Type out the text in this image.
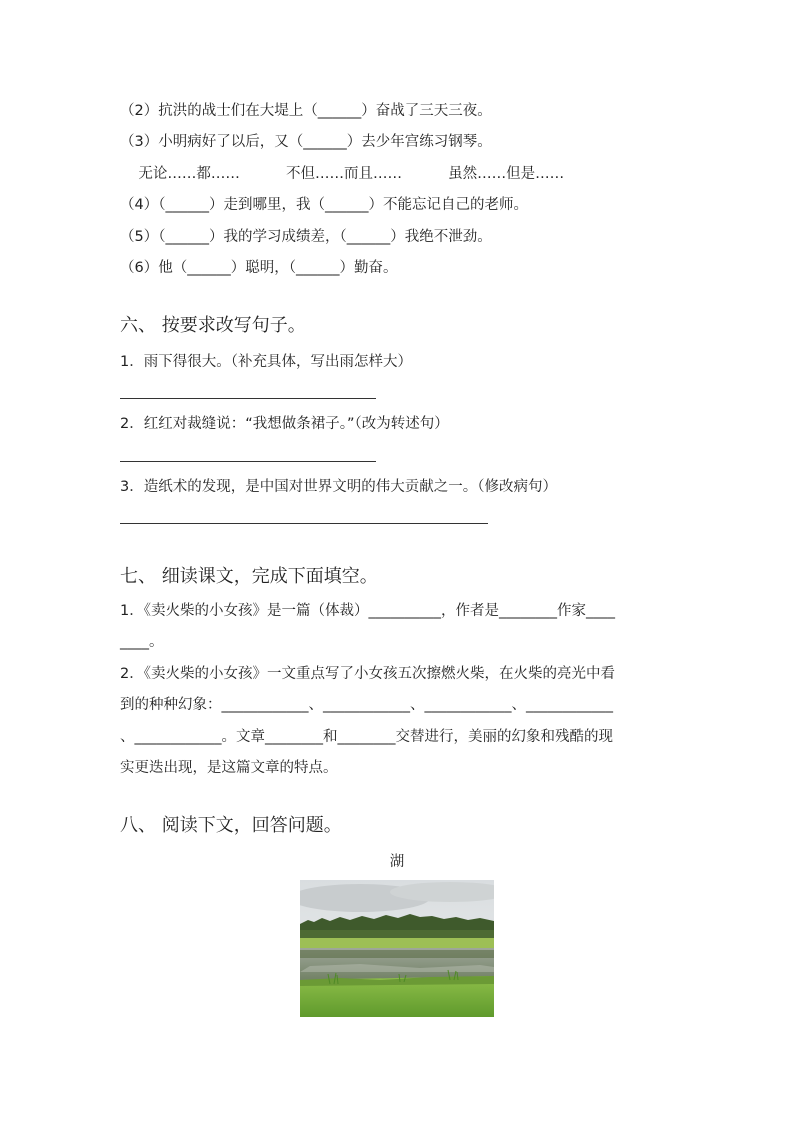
（2）抗洪的战士们在大堤上（______）奋战了三天三夜。
（3）小明病好了以后，又（______）去少年宫练习钢琴。
无论……都……          不但……而且……          虽然……但是……
（4）（______）走到哪里，我（______）不能忘记自己的老师。
（5）（______）我的学习成绩差，（______）我绝不泄劲。
（6）他（______）聪明，（______）勤奋。
六、 按要求改写句子。
1．雨下得很大。（补充具体，写出雨怎样大）
2．红红对裁缝说：“我想做条裙子。”（改为转述句）
3．造纸术的发现，是中国对世界文明的伟大贡献之一。（修改病句）
七、 细读课文，完成下面填空。
1．《卖火柴的小女孩》是一篇（体裁）__________，作者是________作家____
____。
2．《卖火柴的小女孩》一文重点写了小女孩五次擦燃火柴，在火柴的亮光中看
到的种种幻象：____________、____________、____________、____________
、____________。文章________和________交替进行，美丽的幻象和残酷的现
实更迭出现，是这篇文章的特点。
八、 阅读下文，回答问题。
湖
